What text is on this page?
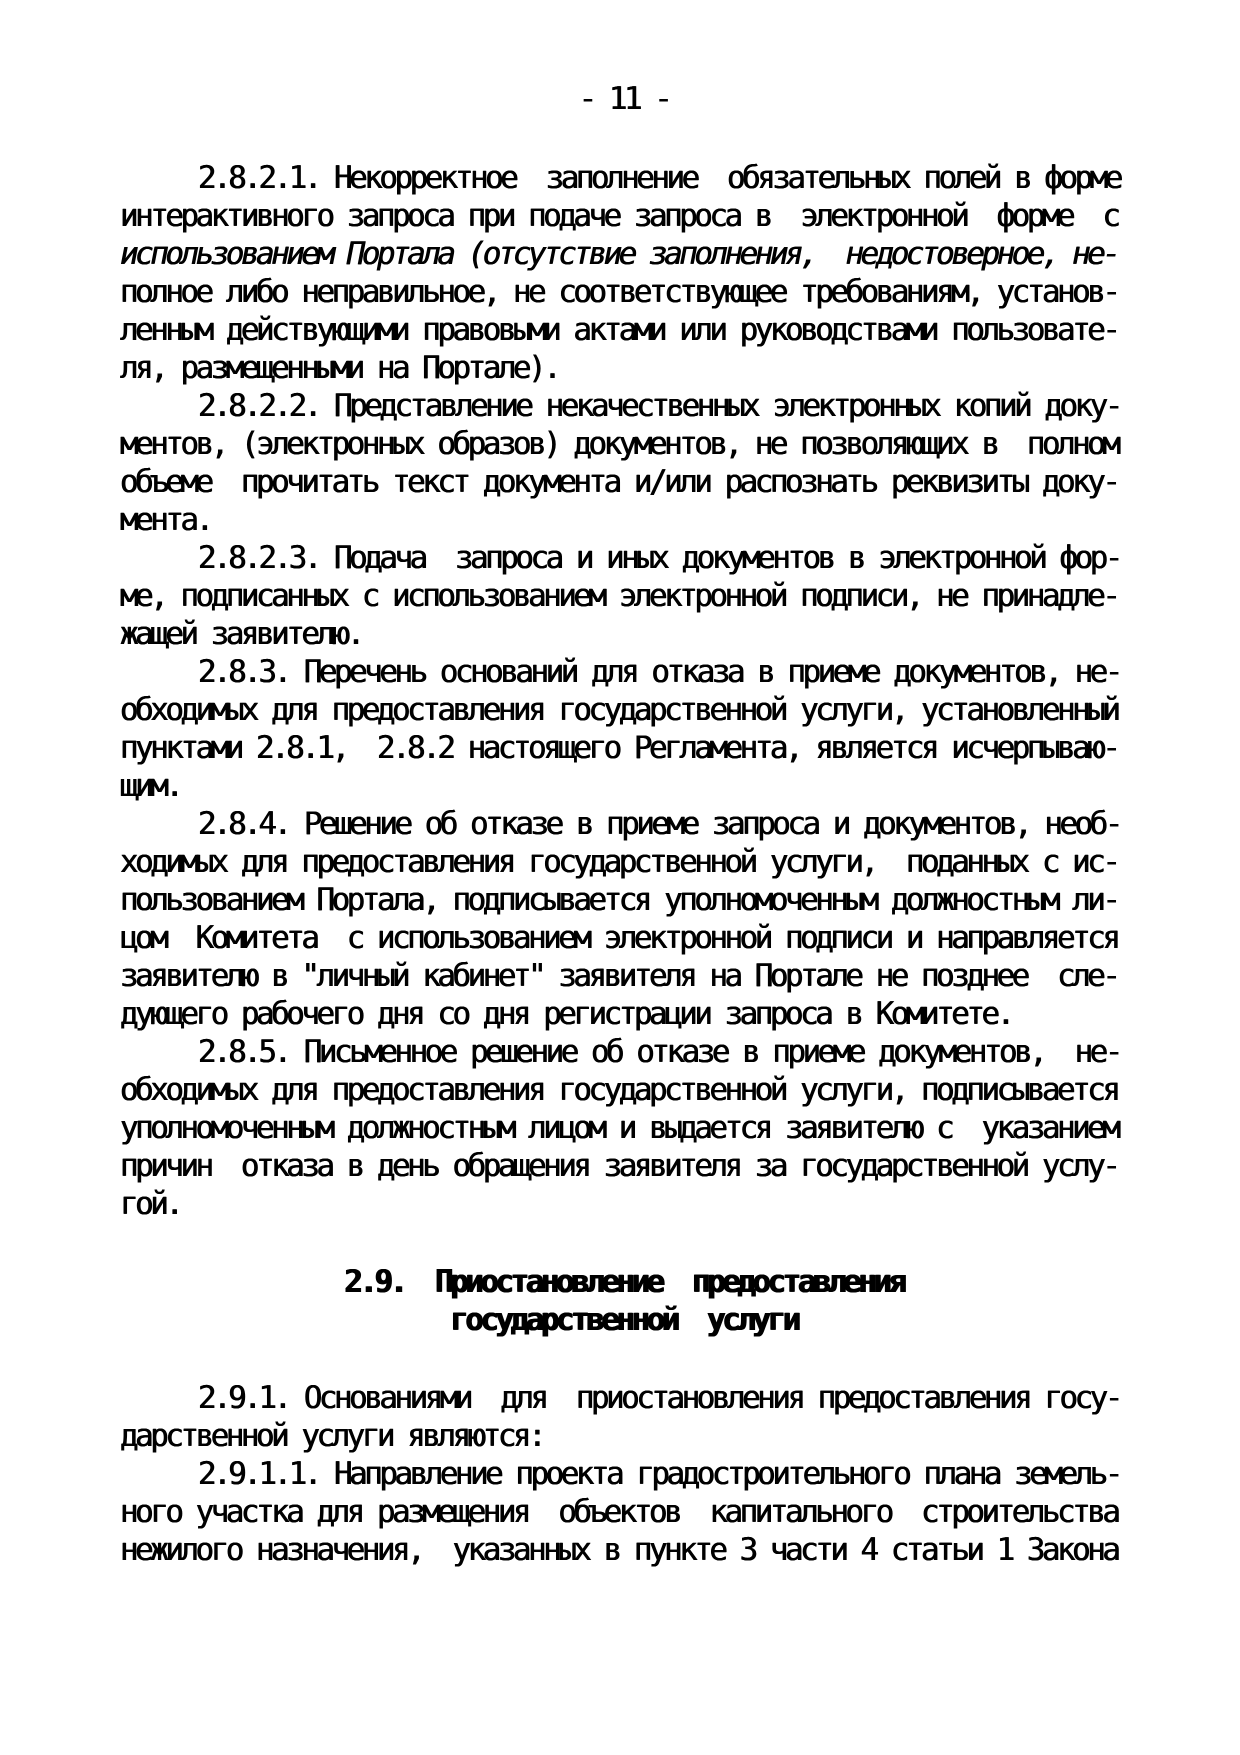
- 11 -
2.8.2.1. Некорректное  заполнение  обязательных полей в форме
интерактивного запроса при подаче запроса в  электронной  форме  с
использованием Портала (отсутствие заполнения,  недостоверное, не-
полное либо неправильное, не соответствующее требованиям, установ-
ленным действующими правовыми актами или руководствами пользовате-
ля, размещенными на Портале).
2.8.2.2. Представление некачественных электронных копий доку-
ментов, (электронных образов) документов, не позволяющих в  полном
объеме  прочитать текст документа и/или распознать реквизиты доку-
мента.
2.8.2.3. Подача  запроса и иных документов в электронной фор-
ме, подписанных с использованием электронной подписи, не принадле-
жащей заявителю.
2.8.3. Перечень оснований для отказа в приеме документов, не-
обходимых для предоставления государственной услуги, установленный
пунктами 2.8.1,  2.8.2 настоящего Регламента, является исчерпываю-
щим.
2.8.4. Решение об отказе в приеме запроса и документов, необ-
ходимых для предоставления государственной услуги,  поданных с ис-
пользованием Портала, подписывается уполномоченным должностным ли-
цом  Комитета  с использованием электронной подписи и направляется
заявителю в "личный кабинет" заявителя на Портале не позднее  сле-
дующего рабочего дня со дня регистрации запроса в Комитете.
2.8.5. Письменное решение об отказе в приеме документов,  не-
обходимых для предоставления государственной услуги, подписывается
уполномоченным должностным лицом и выдается заявителю с  указанием
причин  отказа в день обращения заявителя за государственной услу-
гой.
2.9.  Приостановление  предоставления
государственной  услуги
2.9.1. Основаниями  для  приостановления предоставления госу-
дарственной услуги являются:
2.9.1.1. Направление проекта градостроительного плана земель-
ного участка для размещения  объектов  капитального  строительства
нежилого назначения,  указанных в пункте 3 части 4 статьи 1 Закона
